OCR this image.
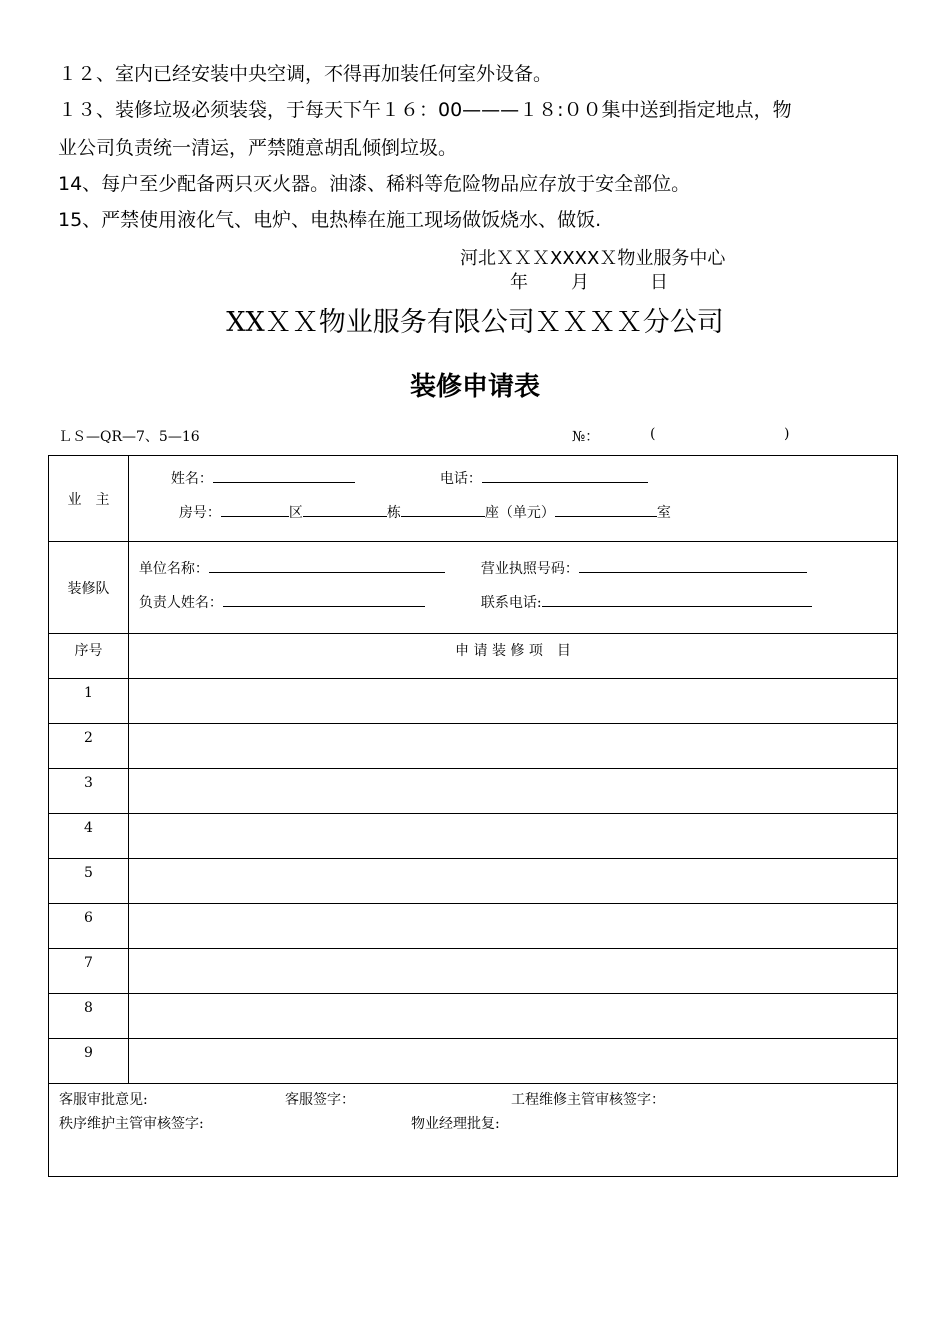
１２、室内已经安装中央空调，不得再加装任何室外设备。
１３、装修垃圾必须装袋，于每天下午１６：00———１８:００集中送到指定地点，物
业公司负责统一清运，严禁随意胡乱倾倒垃圾。
14、每户至少配备两只灭火器。油漆、稀料等危险物品应存放于安全部位。
15、严禁使用液化气、电炉、电热棒在施工现场做饭烧水、做饭.
河北ＸＸＸXXXXＸ物业服务中心
年 月	日
XXＸＸ物业服务有限公司ＸＸＸＸ分公司
装修申请表
ＬＳ—QR—7、5—16	№：	(	)
业　主	姓名： 电话：
房号： 区 栋 座（单元） 室

装修队	单位名称： 营业执照号码：
负责人姓名： 联系电话:

序号	申 请 装 修 项　目
1	
2	
3	
4	
5	
6	
7	
8	
9	

客服审批意见: 客服签字： 工程维修主管审核签字：
秩序维护主管审核签字: 物业经理批复:	
